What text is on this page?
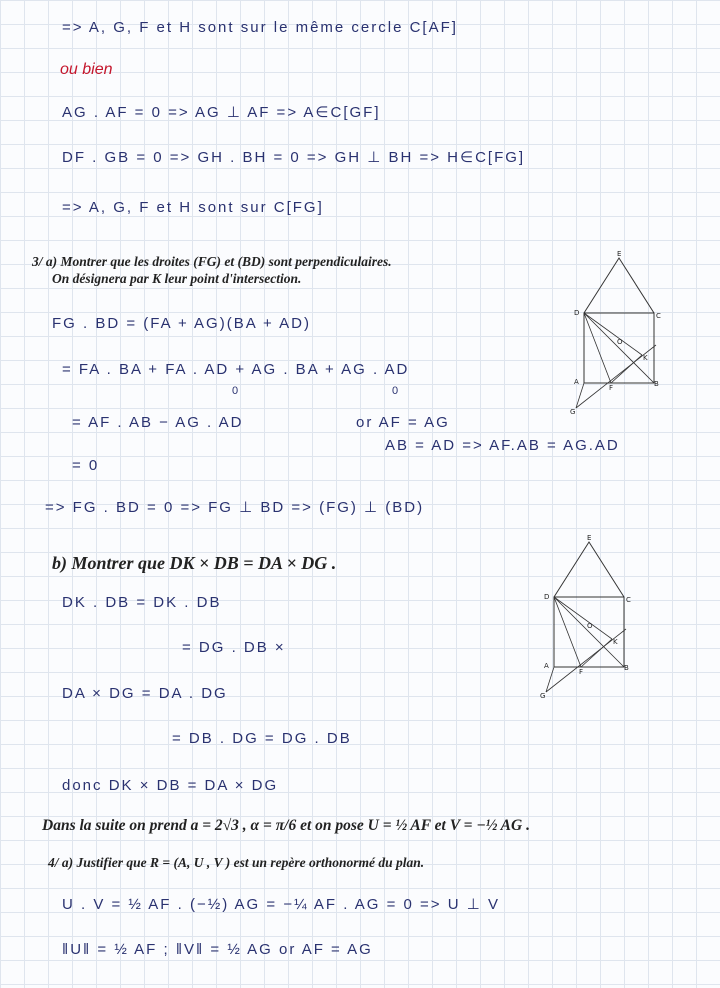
=> A, G, F et H sont sur le même cercle C[AF]

ou bien

AG . AF = 0 => AG ⊥ AF => A∈C[GF]

DF . GB = 0 => GH . BH = 0 => GH ⊥ BH => H∈C[FG]

=> A, G, F et H sont sur C[FG]

3/ a) Montrer que les droites (FG) et (BD) sont perpendiculaires.

On désignera par K leur point d'intersection.

FG . BD = (FA + AG)(BA + AD)

= FA . BA + FA . AD + AG . BA + AG . AD

0	0

= AF . AB − AG . AD	or AF = AG

AB = AD => AF.AB = AG.AD

= 0

=> FG . BD = 0 => FG ⊥ BD => (FG) ⊥ (BD)

E
D	C
O
K
A
F	B
G

b) Montrer que DK × DB = DA × DG .

DK . DB = DK . DB

= DG . DB ×

DA × DG = DA . DG

= DB . DG = DG . DB

donc DK × DB = DA × DG

E
D	C
O
K
A
F	B
G

Dans la suite on prend a = 2√3 , α = π/6 et on pose U = ½ AF et V = −½ AG .

4/ a) Justifier que R = (A, U , V ) est un repère orthonormé du plan.

U . V = ½ AF . (−½) AG = −¼ AF . AG = 0 => U ⊥ V

‖U‖ = ½ AF ; ‖V‖ = ½ AG or AF = AG
